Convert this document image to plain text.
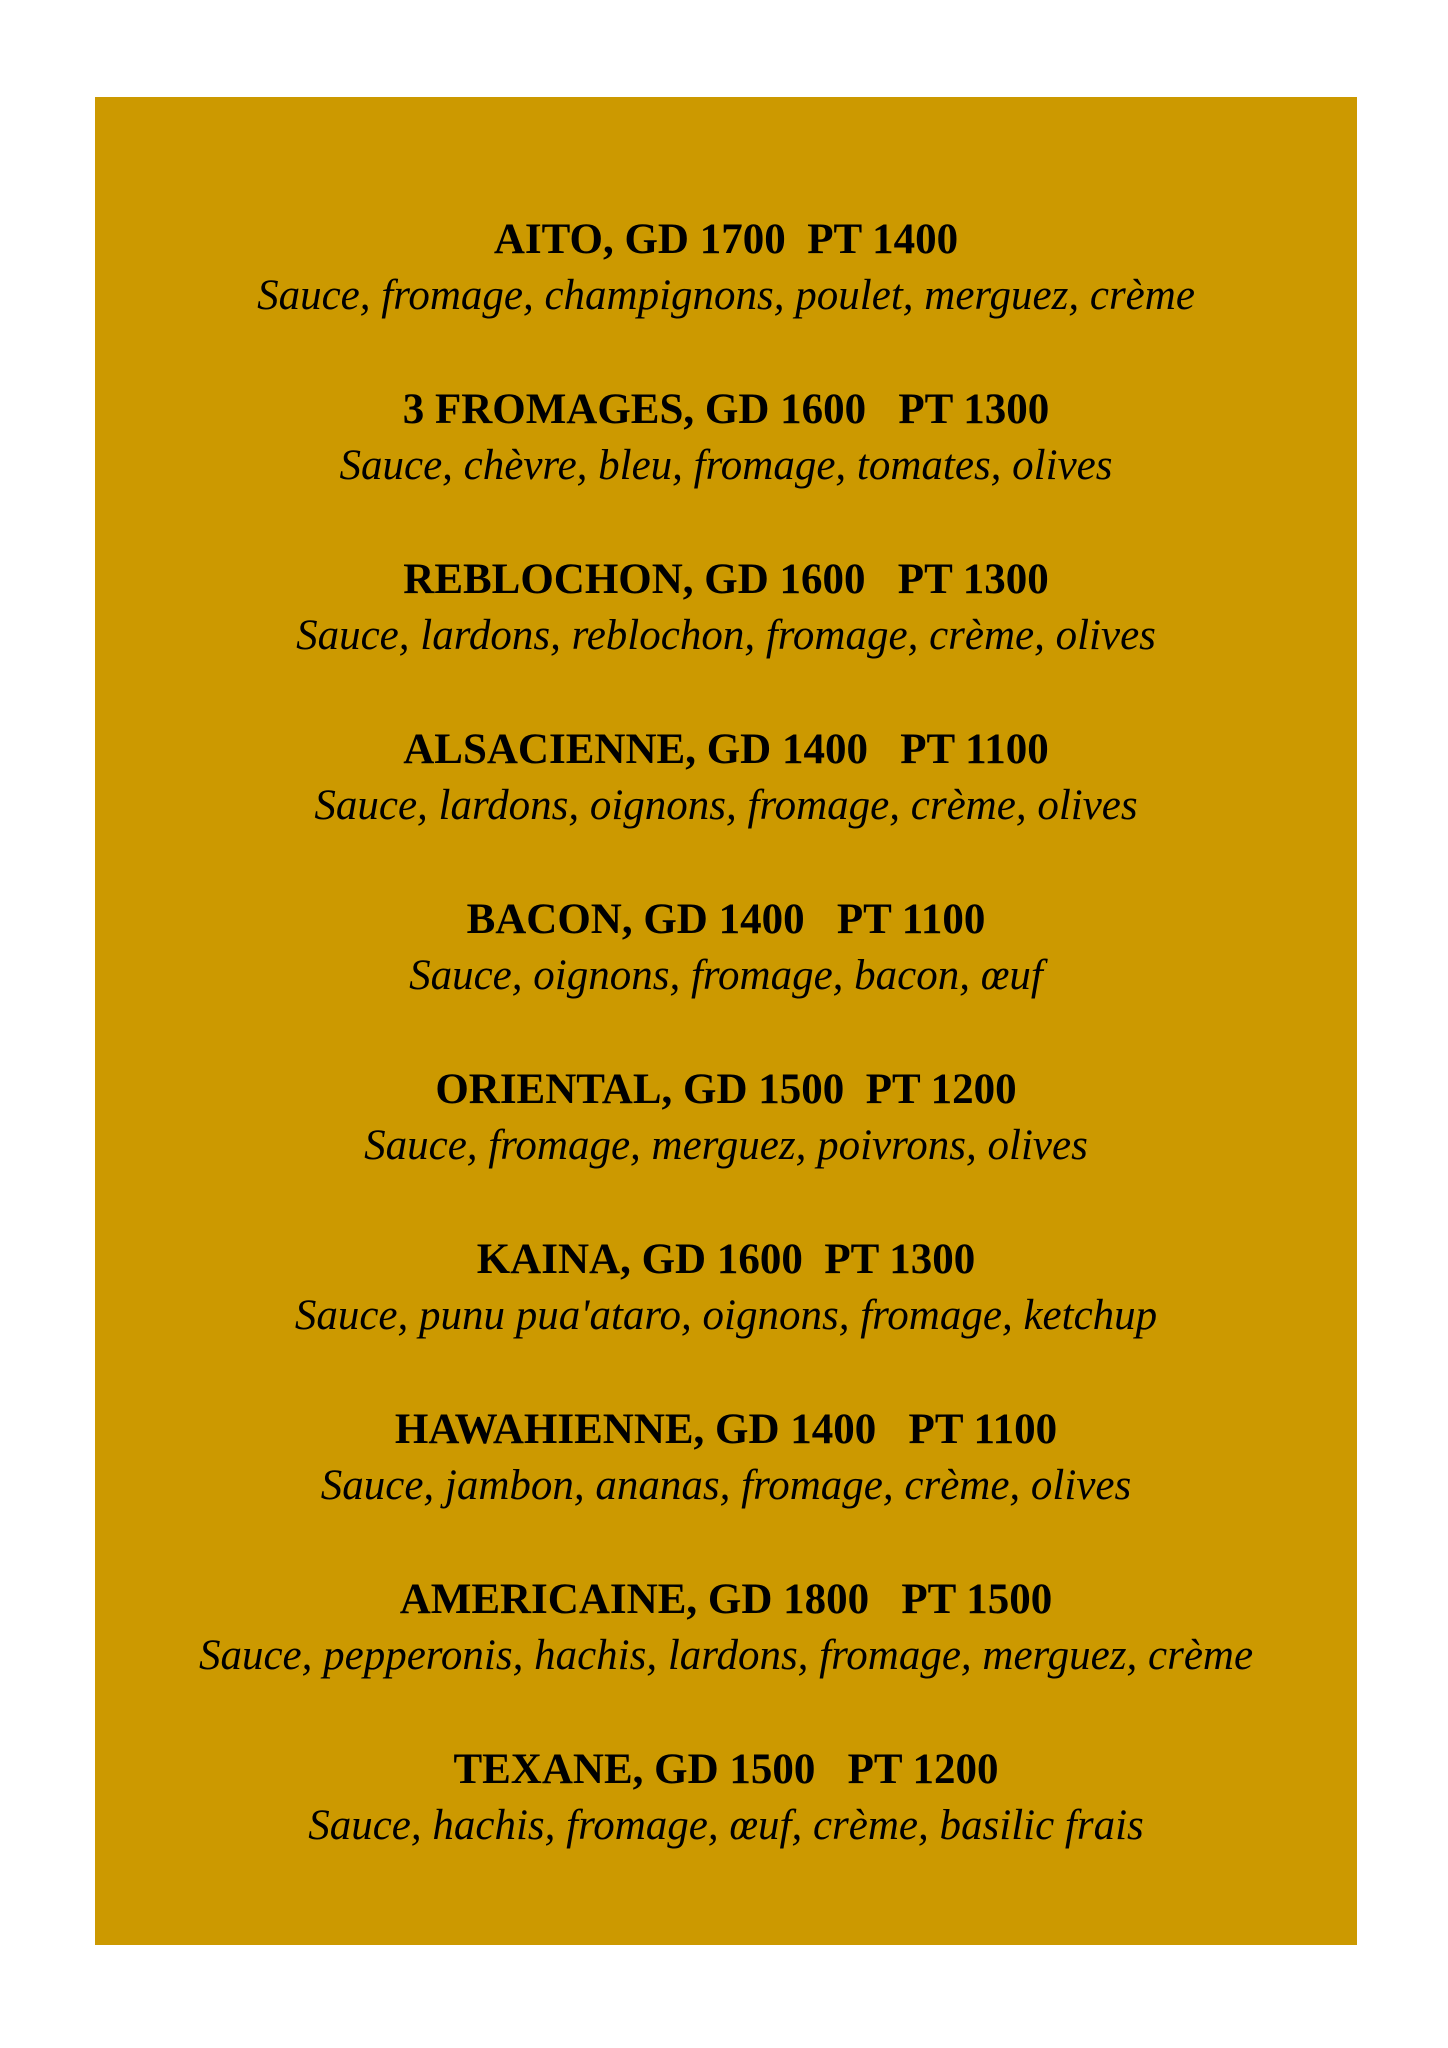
AITO, GD 1700  PT 1400

Sauce, fromage, champignons, poulet, merguez, crème

3 FROMAGES, GD 1600   PT 1300

Sauce, chèvre, bleu, fromage, tomates, olives

REBLOCHON, GD 1600   PT 1300

Sauce, lardons, reblochon, fromage, crème, olives

ALSACIENNE, GD 1400   PT 1100

Sauce, lardons, oignons, fromage, crème, olives

BACON, GD 1400   PT 1100

Sauce, oignons, fromage, bacon, œuf

ORIENTAL, GD 1500  PT 1200

Sauce, fromage, merguez, poivrons, olives

KAINA, GD 1600  PT 1300

Sauce, punu pua'ataro, oignons, fromage, ketchup

HAWAHIENNE, GD 1400   PT 1100

Sauce, jambon, ananas, fromage, crème, olives

AMERICAINE, GD 1800   PT 1500

Sauce, pepperonis, hachis, lardons, fromage, merguez, crème

TEXANE, GD 1500   PT 1200

Sauce, hachis, fromage, œuf, crème, basilic frais
